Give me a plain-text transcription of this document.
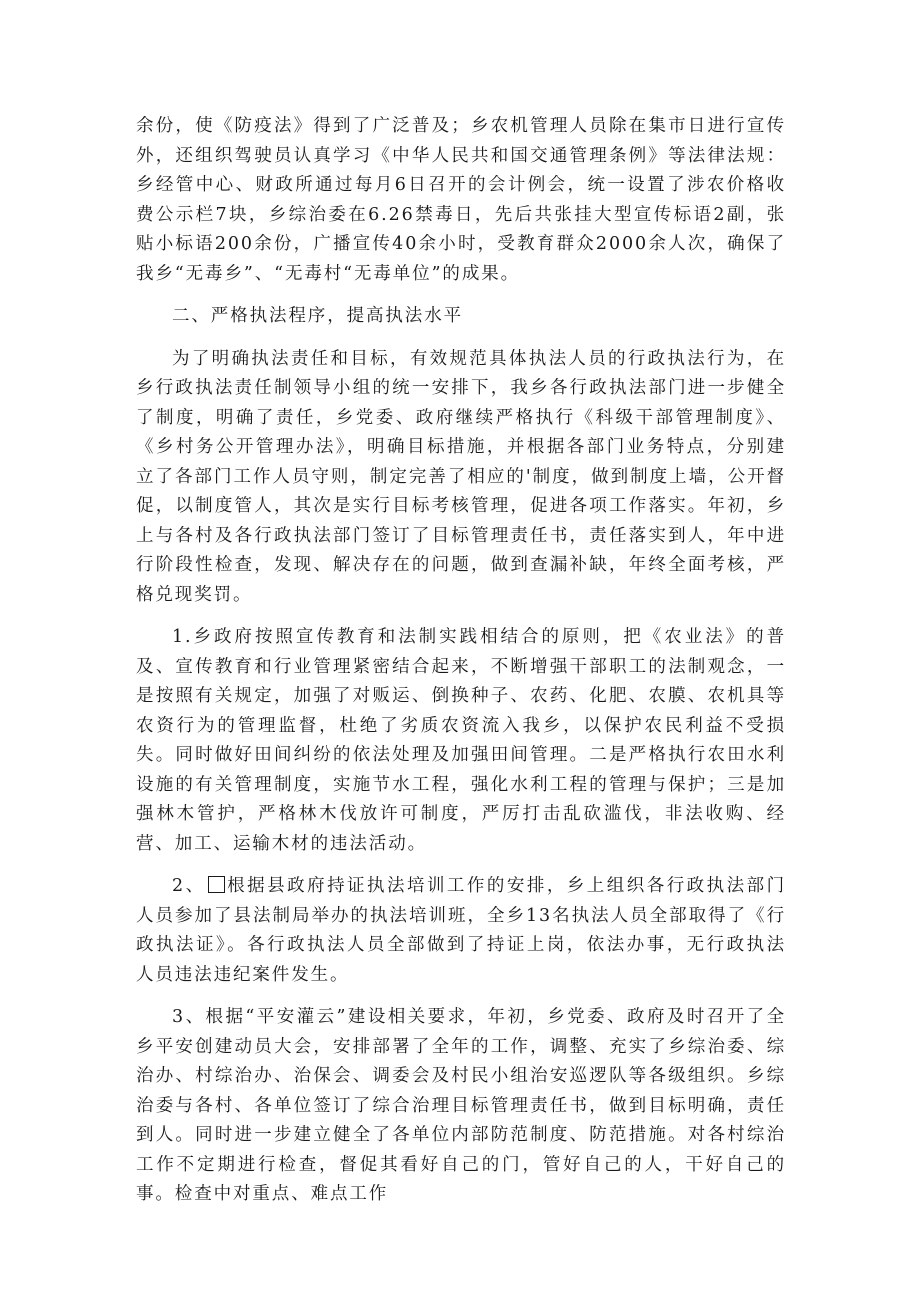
余份，使《防疫法》得到了广泛普及；乡农机管理人员除在集市日进行宣传外，还组织驾驶员认真学习《中华人民共和国交通管理条例》等法律法规：乡经管中心、财政所通过每月6日召开的会计例会，统一设置了涉农价格收费公示栏7块，乡综治委在6.26禁毒日，先后共张挂大型宣传标语2副，张贴小标语200余份，广播宣传40余小时，受教育群众2000余人次，确保了我乡“无毒乡”、“无毒村“无毒单位”的成果。

二、严格执法程序，提高执法水平

为了明确执法责任和目标，有效规范具体执法人员的行政执法行为，在乡行政执法责任制领导小组的统一安排下，我乡各行政执法部门进一步健全了制度，明确了责任，乡党委、政府继续严格执行《科级干部管理制度》、《乡村务公开管理办法》，明确目标措施，并根据各部门业务特点，分别建立了各部门工作人员守则，制定完善了相应的'制度，做到制度上墙，公开督促，以制度管人，其次是实行目标考核管理，促进各项工作落实。年初，乡上与各村及各行政执法部门签订了目标管理责任书，责任落实到人，年中进行阶段性检查，发现、解决存在的问题，做到查漏补缺，年终全面考核，严格兑现奖罚。

1.乡政府按照宣传教育和法制实践相结合的原则，把《农业法》的普及、宣传教育和行业管理紧密结合起来，不断增强干部职工的法制观念，一是按照有关规定，加强了对贩运、倒换种子、农药、化肥、农膜、农机具等农资行为的管理监督，杜绝了劣质农资流入我乡，以保护农民利益不受损失。同时做好田间纠纷的依法处理及加强田间管理。二是严格执行农田水利设施的有关管理制度，实施节水工程，强化水利工程的管理与保护；三是加强林木管护，严格林木伐放许可制度，严厉打击乱砍滥伐，非法收购、经营、加工、运输木材的违法活动。

2、 根据县政府持证执法培训工作的安排，乡上组织各行政执法部门人员参加了县法制局举办的执法培训班，全乡13名执法人员全部取得了《行政执法证》。各行政执法人员全部做到了持证上岗，依法办事，无行政执法人员违法违纪案件发生。

3、根据“平安灌云”建设相关要求，年初，乡党委、政府及时召开了全乡平安创建动员大会，安排部署了全年的工作，调整、充实了乡综治委、综治办、村综治办、治保会、调委会及村民小组治安巡逻队等各级组织。乡综治委与各村、各单位签订了综合治理目标管理责任书，做到目标明确，责任到人。同时进一步建立健全了各单位内部防范制度、防范措施。对各村综治工作不定期进行检查，督促其看好自己的门，管好自己的人，干好自己的事。检查中对重点、难点工作
